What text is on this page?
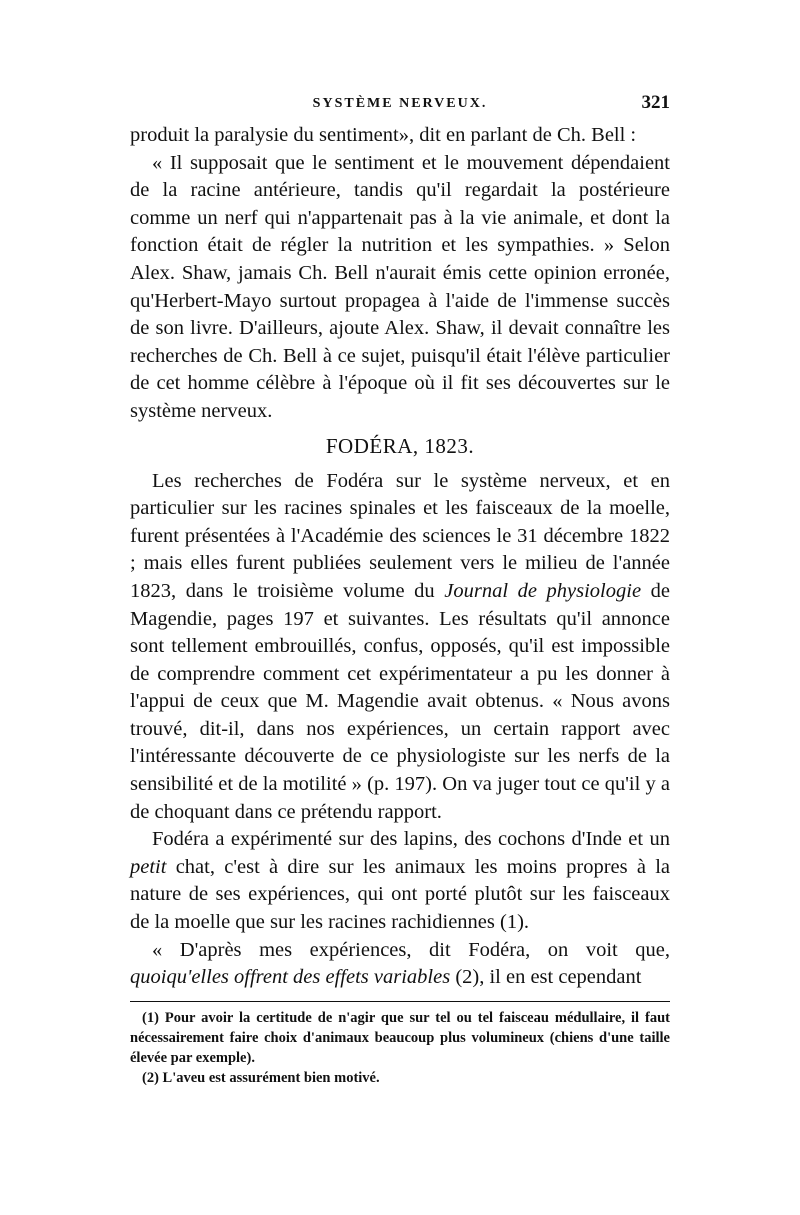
SYSTÈME NERVEUX.	321

produit la paralysie du sentiment», dit en parlant de Ch. Bell :

« Il supposait que le sentiment et le mouvement dépendaient de la racine antérieure, tandis qu'il regardait la postérieure comme un nerf qui n'appartenait pas à la vie animale, et dont la fonction était de régler la nutrition et les sympathies. » Selon Alex. Shaw, jamais Ch. Bell n'aurait émis cette opinion erronée, qu'Herbert-Mayo surtout propagea à l'aide de l'immense succès de son livre. D'ailleurs, ajoute Alex. Shaw, il devait connaître les recherches de Ch. Bell à ce sujet, puisqu'il était l'élève particulier de cet homme célèbre à l'époque où il fit ses découvertes sur le système nerveux.

FODÉRA, 1823.

Les recherches de Fodéra sur le système nerveux, et en particulier sur les racines spinales et les faisceaux de la moelle, furent présentées à l'Académie des sciences le 31 décembre 1822 ; mais elles furent publiées seulement vers le milieu de l'année 1823, dans le troisième volume du Journal de physiologie de Magendie, pages 197 et suivantes. Les résultats qu'il annonce sont tellement embrouillés, confus, opposés, qu'il est impossible de comprendre comment cet expérimentateur a pu les donner à l'appui de ceux que M. Magendie avait obtenus. « Nous avons trouvé, dit-il, dans nos expériences, un certain rapport avec l'intéressante découverte de ce physiologiste sur les nerfs de la sensibilité et de la motilité » (p. 197). On va juger tout ce qu'il y a de choquant dans ce prétendu rapport.

Fodéra a expérimenté sur des lapins, des cochons d'Inde et un petit chat, c'est à dire sur les animaux les moins propres à la nature de ses expériences, qui ont porté plutôt sur les faisceaux de la moelle que sur les racines rachidiennes (1).

« D'après mes expériences, dit Fodéra, on voit que, quoiqu'elles offrent des effets variables (2), il en est cependant

(1) Pour avoir la certitude de n'agir que sur tel ou tel faisceau médullaire, il faut nécessairement faire choix d'animaux beaucoup plus volumineux (chiens d'une taille élevée par exemple).

(2) L'aveu est assurément bien motivé.
